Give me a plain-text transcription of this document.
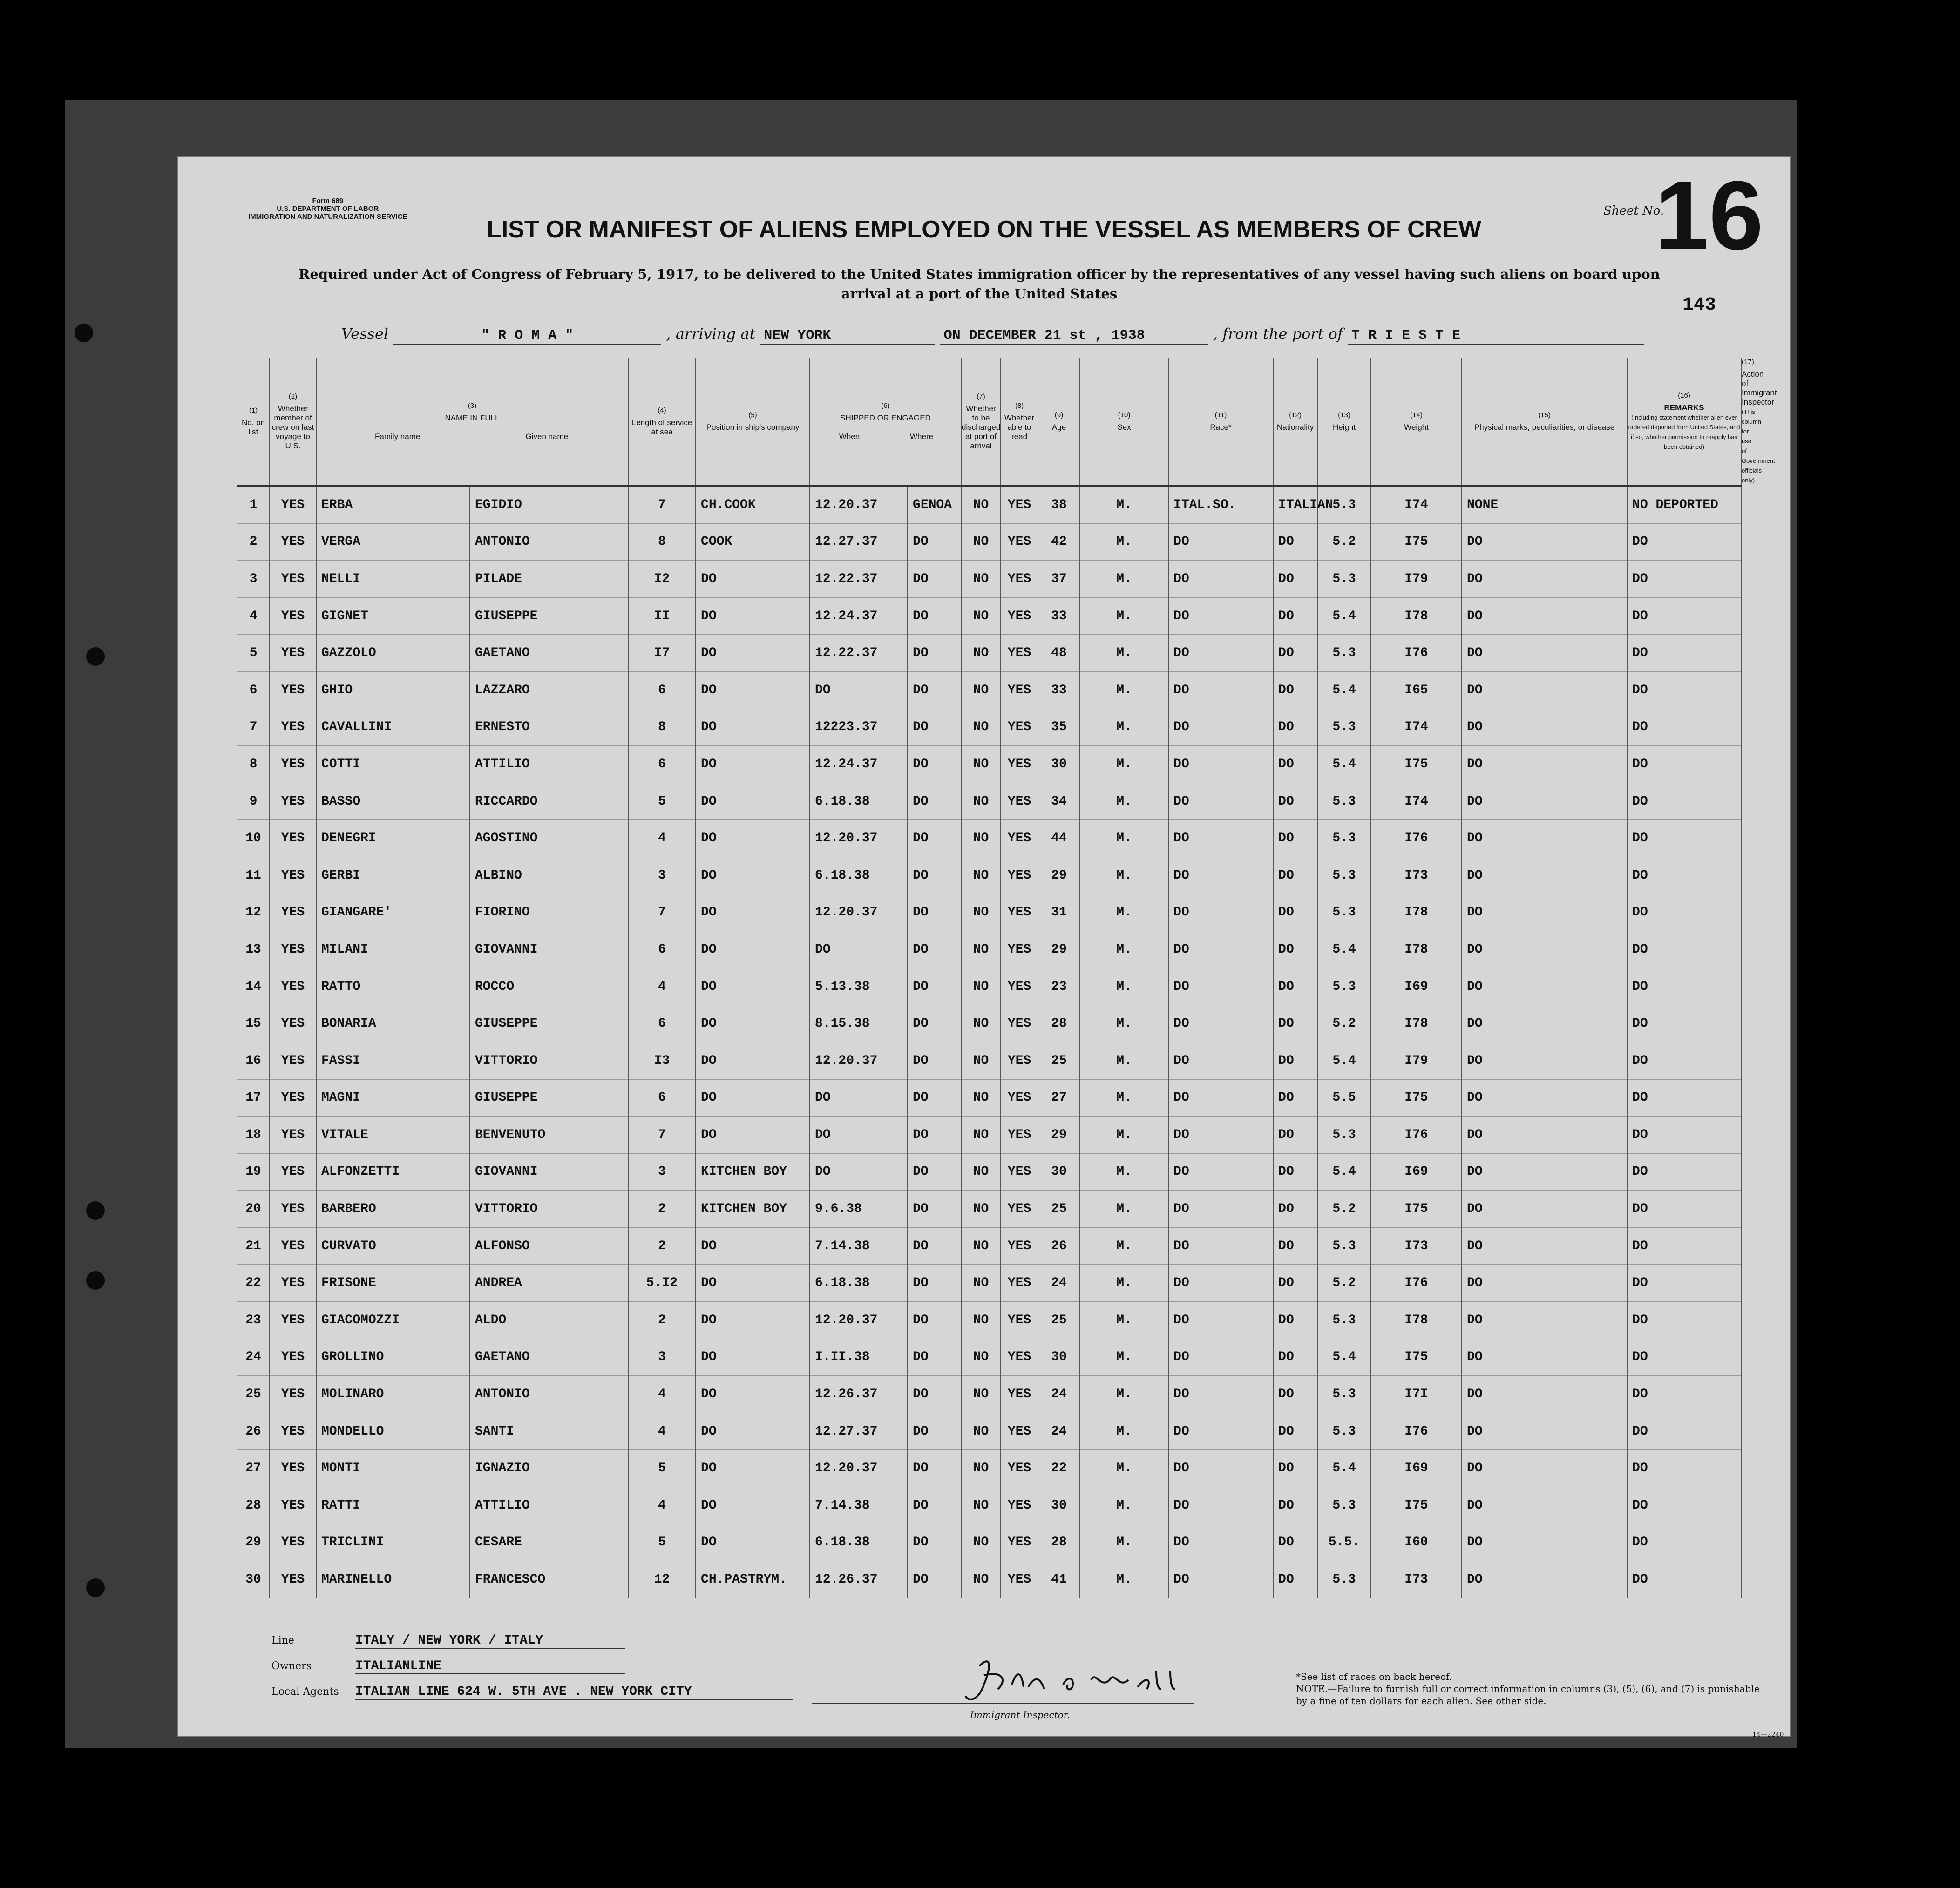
Form 689
U.S. DEPARTMENT OF LABOR
IMMIGRATION AND NATURALIZATION SERVICE	Sheet No.
16
LIST OR MANIFEST OF ALIENS EMPLOYED ON THE VESSEL AS MEMBERS OF CREW
Required under Act of Congress of February 5, 1917, to be delivered to the United States immigration officer by the representatives of any vessel having such aliens on board upon arrival at a port of the United States
143
Vessel	" R O M A "	, arriving at NEW YORK	ON DECEMBER 21 st , 1938	, from the port of T R I E S T E
(1)
No. on list	(2)
Whether member of crew on last voyage to U.S.	(3)
NAME IN FULL

Family name Given name		(4)
Length of service at sea	(5)
Position in ship's company	(6)
SHIPPED OR ENGAGED

When Where		(7)
Whether to be discharged at port of arrival	(8)
Whether able to read	(9)
Age	(10)
Sex	(11)
Race*	(12)
Nationality	(13)
Height	(14)
Weight	(15)
Physical marks, peculiarities, or disease	(16)
REMARKS
(Including statement whether alien ever ordered deported from United States, and if so, whether permission to reapply has been obtained)	(17)
Action of Immigrant Inspector
(This column for use of Government officials only)
1	YES	ERBA	EGIDIO	7	CH.COOK	12.20.37	GENOA	NO	YES	38	M.	ITAL.SO.	ITALIAN	5.3	I74	NONE	NO DEPORTED	
2	YES	VERGA	ANTONIO	8	COOK	12.27.37	DO	NO	YES	42	M.	DO	DO	5.2	I75	DO	DO	
3	YES	NELLI	PILADE	I2	DO	12.22.37	DO	NO	YES	37	M.	DO	DO	5.3	I79	DO	DO	
4	YES	GIGNET	GIUSEPPE	II	DO	12.24.37	DO	NO	YES	33	M.	DO	DO	5.4	I78	DO	DO	
5	YES	GAZZOLO	GAETANO	I7	DO	12.22.37	DO	NO	YES	48	M.	DO	DO	5.3	I76	DO	DO	
6	YES	GHIO	LAZZARO	6	DO	DO	DO	NO	YES	33	M.	DO	DO	5.4	I65	DO	DO	
7	YES	CAVALLINI	ERNESTO	8	DO	12223.37	DO	NO	YES	35	M.	DO	DO	5.3	I74	DO	DO	
8	YES	COTTI	ATTILIO	6	DO	12.24.37	DO	NO	YES	30	M.	DO	DO	5.4	I75	DO	DO	
9	YES	BASSO	RICCARDO	5	DO	6.18.38	DO	NO	YES	34	M.	DO	DO	5.3	I74	DO	DO	
10	YES	DENEGRI	AGOSTINO	4	DO	12.20.37	DO	NO	YES	44	M.	DO	DO	5.3	I76	DO	DO	
11	YES	GERBI	ALBINO	3	DO	6.18.38	DO	NO	YES	29	M.	DO	DO	5.3	I73	DO	DO	
12	YES	GIANGARE'	FIORINO	7	DO	12.20.37	DO	NO	YES	31	M.	DO	DO	5.3	I78	DO	DO	
13	YES	MILANI	GIOVANNI	6	DO	DO	DO	NO	YES	29	M.	DO	DO	5.4	I78	DO	DO	
14	YES	RATTO	ROCCO	4	DO	5.13.38	DO	NO	YES	23	M.	DO	DO	5.3	I69	DO	DO	
15	YES	BONARIA	GIUSEPPE	6	DO	8.15.38	DO	NO	YES	28	M.	DO	DO	5.2	I78	DO	DO	
16	YES	FASSI	VITTORIO	I3	DO	12.20.37	DO	NO	YES	25	M.	DO	DO	5.4	I79	DO	DO	
17	YES	MAGNI	GIUSEPPE	6	DO	DO	DO	NO	YES	27	M.	DO	DO	5.5	I75	DO	DO	
18	YES	VITALE	BENVENUTO	7	DO	DO	DO	NO	YES	29	M.	DO	DO	5.3	I76	DO	DO	
19	YES	ALFONZETTI	GIOVANNI	3	KITCHEN BOY	DO	DO	NO	YES	30	M.	DO	DO	5.4	I69	DO	DO	
20	YES	BARBERO	VITTORIO	2	KITCHEN BOY	9.6.38	DO	NO	YES	25	M.	DO	DO	5.2	I75	DO	DO	
21	YES	CURVATO	ALFONSO	2	DO	7.14.38	DO	NO	YES	26	M.	DO	DO	5.3	I73	DO	DO	
22	YES	FRISONE	ANDREA	5.I2	DO	6.18.38	DO	NO	YES	24	M.	DO	DO	5.2	I76	DO	DO	
23	YES	GIACOMOZZI	ALDO	2	DO	12.20.37	DO	NO	YES	25	M.	DO	DO	5.3	I78	DO	DO	
24	YES	GROLLINO	GAETANO	3	DO	I.II.38	DO	NO	YES	30	M.	DO	DO	5.4	I75	DO	DO	
25	YES	MOLINARO	ANTONIO	4	DO	12.26.37	DO	NO	YES	24	M.	DO	DO	5.3	I7I	DO	DO	
26	YES	MONDELLO	SANTI	4	DO	12.27.37	DO	NO	YES	24	M.	DO	DO	5.3	I76	DO	DO	
27	YES	MONTI	IGNAZIO	5	DO	12.20.37	DO	NO	YES	22	M.	DO	DO	5.4	I69	DO	DO	
28	YES	RATTI	ATTILIO	4	DO	7.14.38	DO	NO	YES	30	M.	DO	DO	5.3	I75	DO	DO	
29	YES	TRICLINI	CESARE	5	DO	6.18.38	DO	NO	YES	28	M.	DO	DO	5.5.	I60	DO	DO	
30	YES	MARINELLO	FRANCESCO	12	CH.PASTRYM.	12.26.37	DO	NO	YES	41	M.	DO	DO	5.3	I73	DO	DO	
Line	ITALY / NEW YORK / ITALY
Owners	ITALIANLINE
Local Agents ITALIAN LINE 624 W. 5TH AVE . NEW YORK CITY
Immigrant Inspector.
*See list of races on back hereof.
NOTE.—Failure to furnish full or correct information in columns (3), (5), (6), and (7) is punishable by a fine of ten dollars for each alien. See other side.
14—2240
